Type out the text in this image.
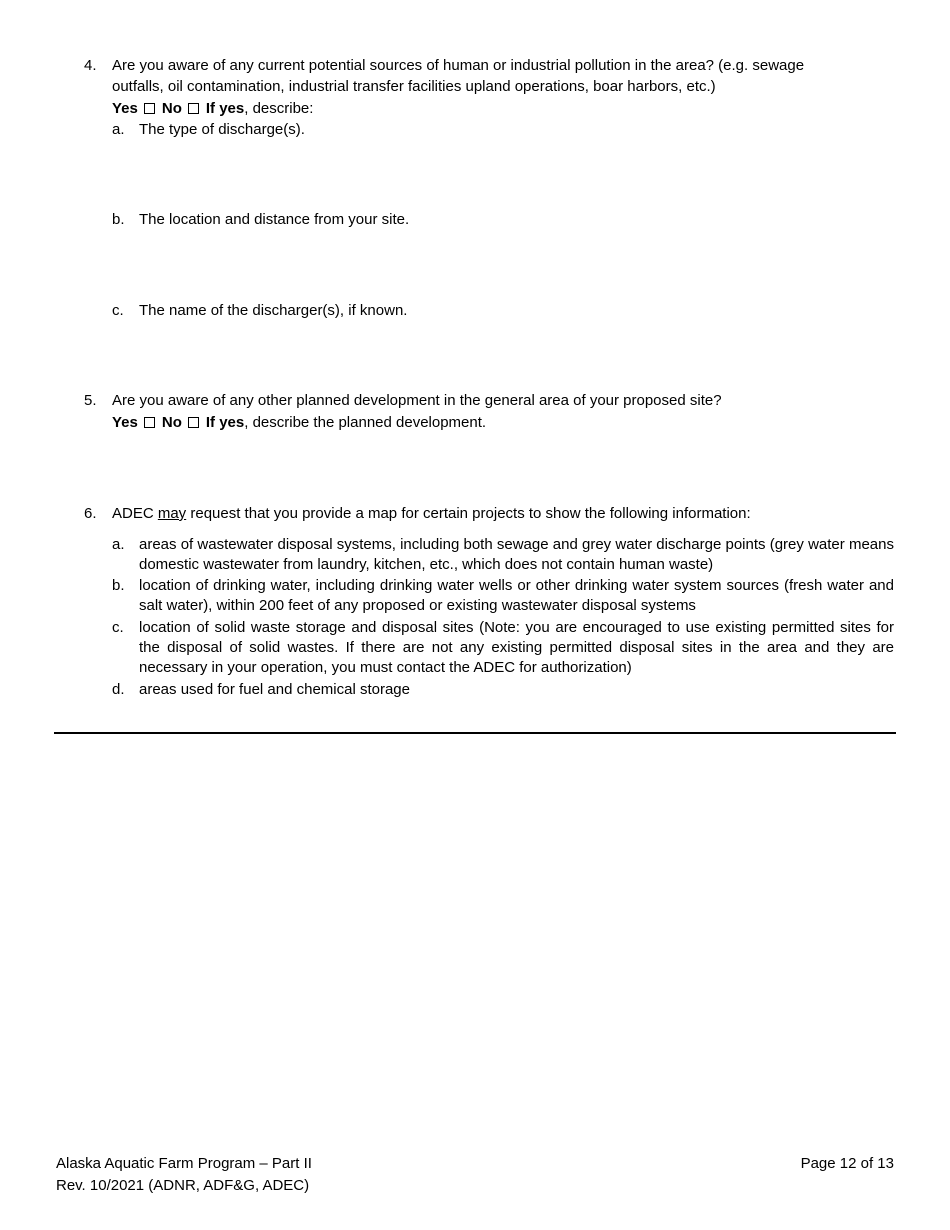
4. Are you aware of any current potential sources of human or industrial pollution in the area? (e.g. sewage
outfalls, oil contamination, industrial transfer facilities upland operations, boar harbors, etc.)
Yes No If yes, describe:
a. The type of discharge(s).
b. The location and distance from your site.
c. The name of the discharger(s), if known.
5. Are you aware of any other planned development in the general area of your proposed site?
Yes No If yes, describe the planned development.
6. ADEC may request that you provide a map for certain projects to show the following information:
a. areas of wastewater disposal systems, including both sewage and grey water discharge points (grey water means domestic wastewater from laundry, kitchen, etc., which does not contain human waste)
b. location of drinking water, including drinking water wells or other drinking water system sources (fresh water and salt water), within 200 feet of any proposed or existing wastewater disposal systems
c. location of solid waste storage and disposal sites (Note: you are encouraged to use existing permitted sites for the disposal of solid wastes. If there are not any existing permitted disposal sites in the area and they are necessary in your operation, you must contact the ADEC for authorization)
d. areas used for fuel and chemical storage
Alaska Aquatic Farm Program – Part II
Rev. 10/2021 (ADNR, ADF&G, ADEC)
Page 12 of 13
